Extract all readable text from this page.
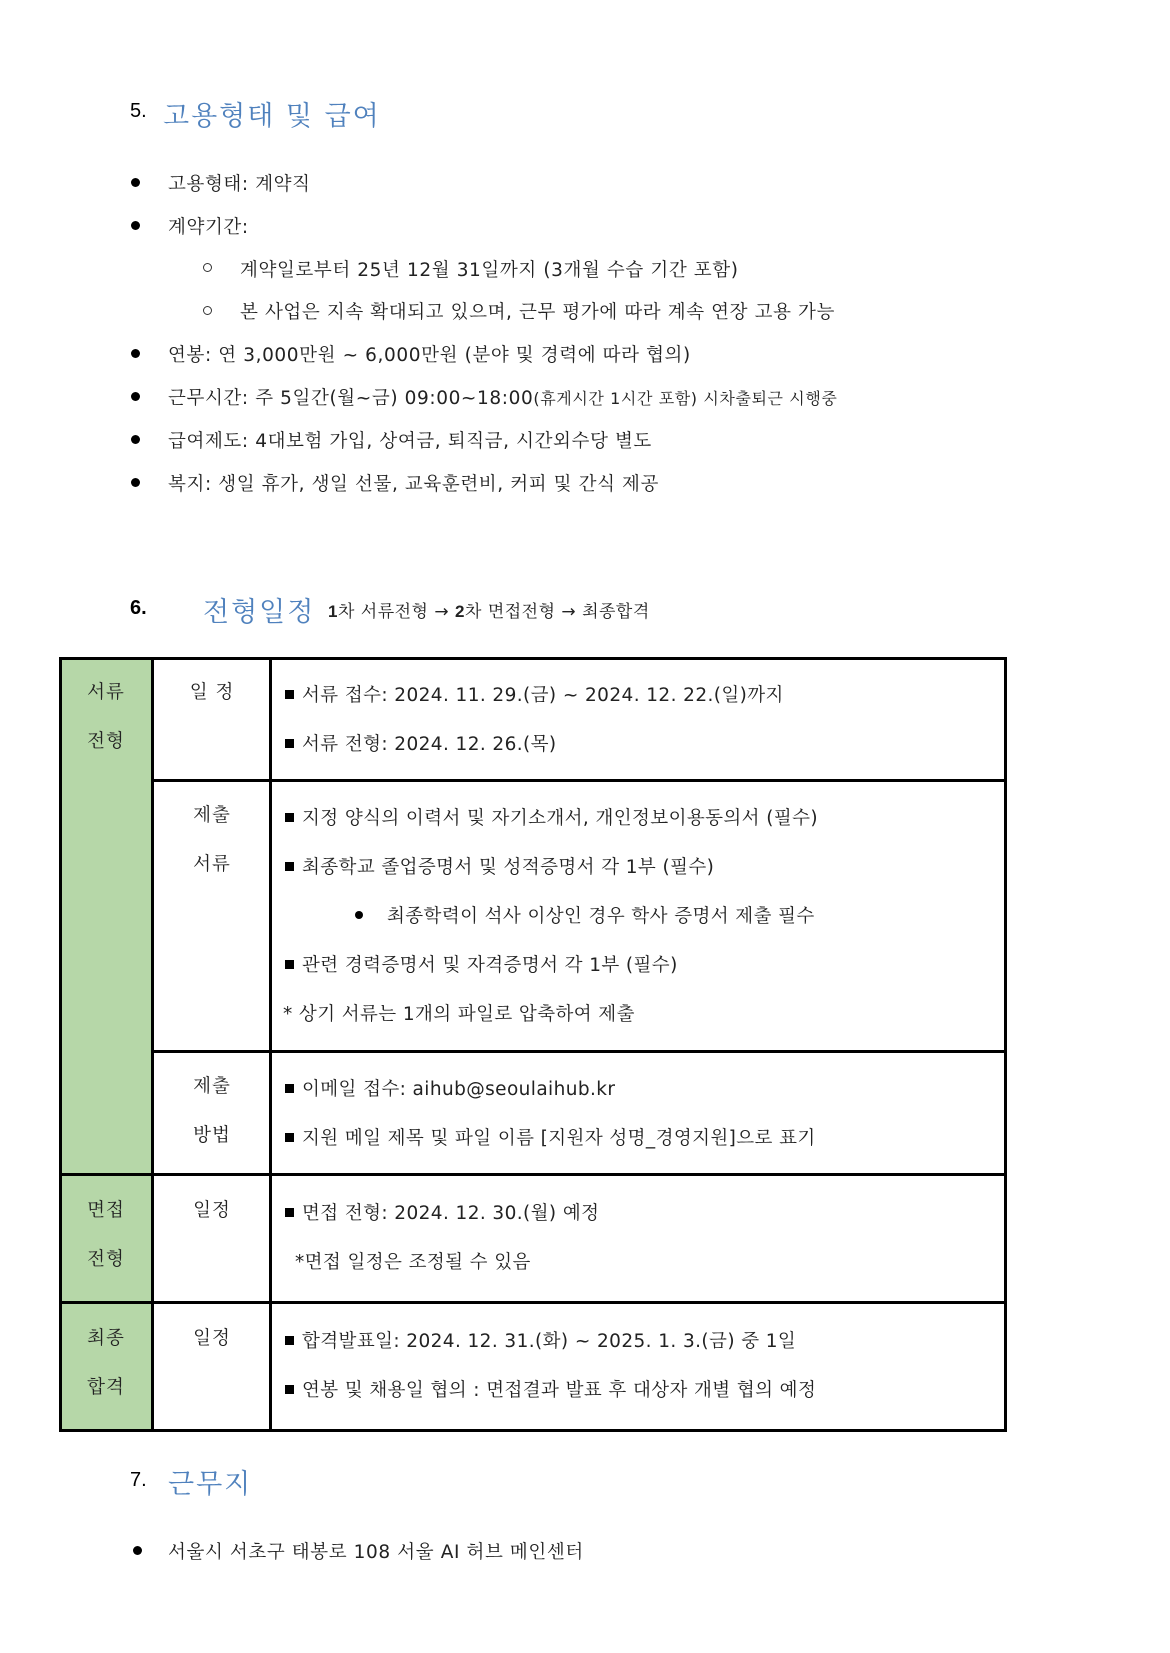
5. 고용형태 및 급여
고용형태: 계약직
계약기간:
계약일로부터 25년 12월 31일까지 (3개월 수습 기간 포함)
본 사업은 지속 확대되고 있으며, 근무 평가에 따라 계속 연장 고용 가능
연봉: 연 3,000만원 ~ 6,000만원 (분야 및 경력에 따라 협의)
근무시간: 주 5일간(월~금) 09:00~18:00(휴게시간 1시간 포함) 시차출퇴근 시행중
급여제도: 4대보험 가입, 상여금, 퇴직금, 시간외수당 별도
복지: 생일 휴가, 생일 선물, 교육훈련비, 커피 및 간식 제공
6. 전형일정 1차 서류전형 → 2차 면접전형 → 최종합격
서류
전형
면접
전형
최종
합격
일 정
제출
서류
제출
방법
일정
일정
서류 접수: 2024. 11. 29.(금) ~ 2024. 12. 22.(일)까지
서류 전형: 2024. 12. 26.(목)
지정 양식의 이력서 및 자기소개서, 개인정보이용동의서 (필수)
최종학교 졸업증명서 및 성적증명서 각 1부 (필수)
최종학력이 석사 이상인 경우 학사 증명서 제출 필수
관련 경력증명서 및 자격증명서 각 1부 (필수)
* 상기 서류는 1개의 파일로 압축하여 제출
이메일 접수: aihub@seoulaihub.kr
지원 메일 제목 및 파일 이름 [지원자 성명_경영지원]으로 표기
면접 전형: 2024. 12. 30.(월) 예정
*면접 일정은 조정될 수 있음
합격발표일: 2024. 12. 31.(화) ~ 2025. 1. 3.(금) 중 1일
연봉 및 채용일 협의 : 면접결과 발표 후 대상자 개별 협의 예정
7. 근무지
서울시 서초구 태봉로 108 서울 AI 허브 메인센터
